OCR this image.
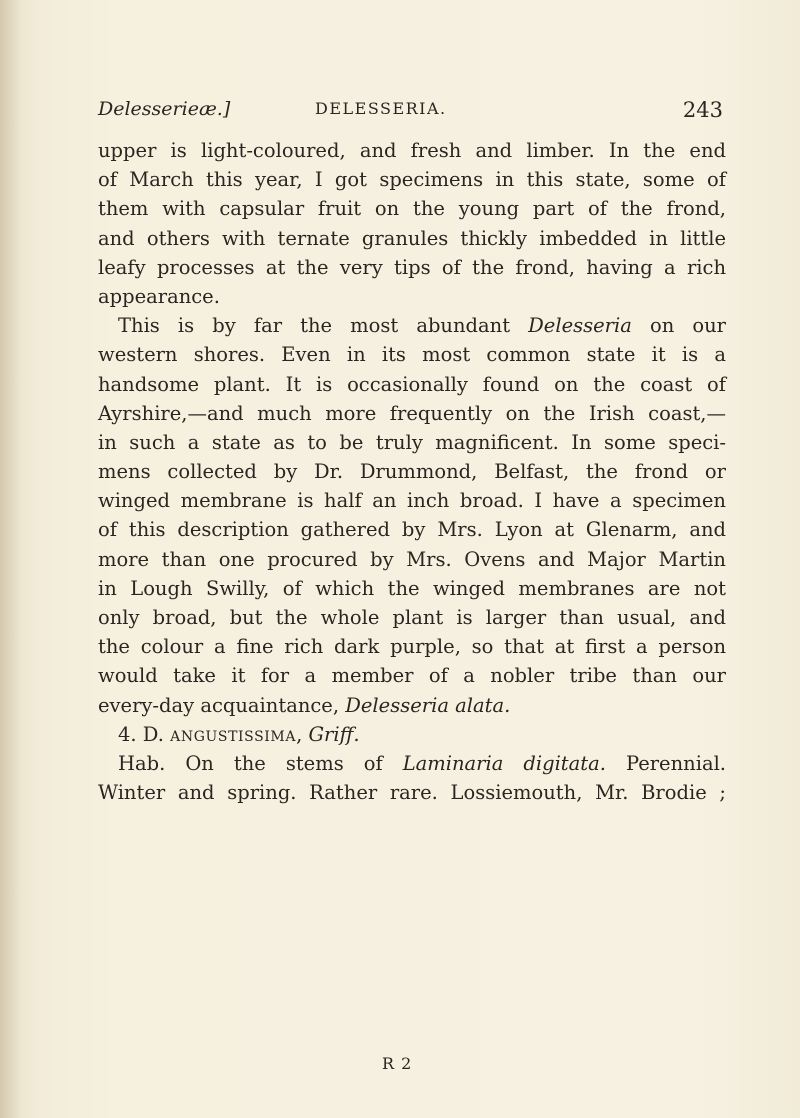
Delesserieæ.]	DELESSERIA.	243
upper is light-coloured, and fresh and limber. In the end
of March this year, I got specimens in this state, some of
them with capsular fruit on the young part of the frond,
and others with ternate granules thickly imbedded in little
leafy processes at the very tips of the frond, having a rich
appearance.
This is by far the most abundant Delesseria on our
western shores. Even in its most common state it is a
handsome plant. It is occasionally found on the coast of
Ayrshire,—and much more frequently on the Irish coast,—
in such a state as to be truly magnificent. In some speci-
mens collected by Dr. Drummond, Belfast, the frond or
winged membrane is half an inch broad. I have a specimen
of this description gathered by Mrs. Lyon at Glenarm, and
more than one procured by Mrs. Ovens and Major Martin
in Lough Swilly, of which the winged membranes are not
only broad, but the whole plant is larger than usual, and
the colour a fine rich dark purple, so that at first a person
would take it for a member of a nobler tribe than our
every-day acquaintance, Delesseria alata.
4. D. angustissima, Griff.
Hab. On the stems of Laminaria digitata. Perennial.
Winter and spring. Rather rare. Lossiemouth, Mr. Brodie ;
R 2
